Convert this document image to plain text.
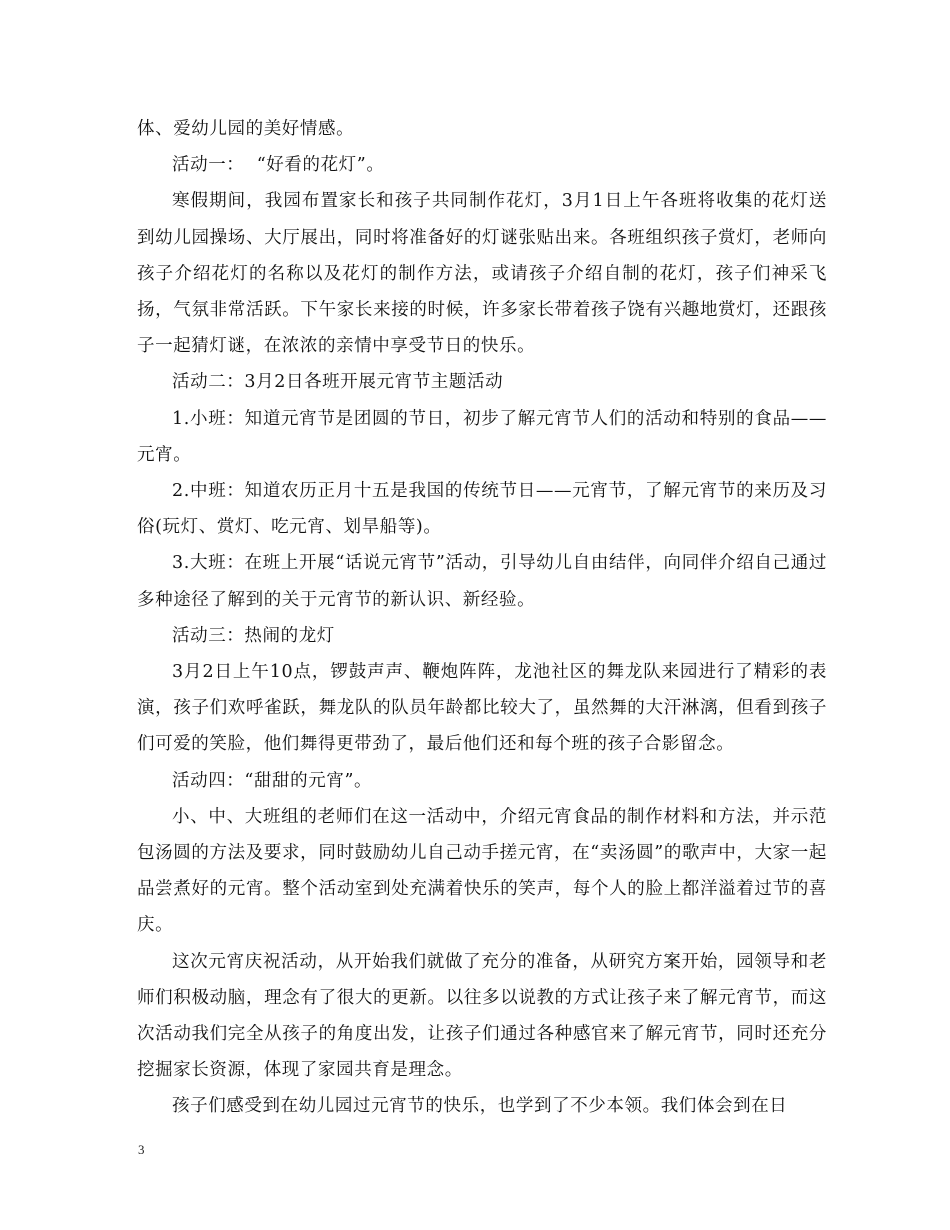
体、爱幼儿园的美好情感。

活动一：  “好看的花灯”。

寒假期间，我园布置家长和孩子共同制作花灯，3月1日上午各班将收集的花灯送到幼儿园操场、大厅展出，同时将准备好的灯谜张贴出来。各班组织孩子赏灯，老师向孩子介绍花灯的名称以及花灯的制作方法，或请孩子介绍自制的花灯，孩子们神采飞扬，气氛非常活跃。下午家长来接的时候，许多家长带着孩子饶有兴趣地赏灯，还跟孩子一起猜灯谜，在浓浓的亲情中享受节日的快乐。

活动二：3月2日各班开展元宵节主题活动

1.小班：知道元宵节是团圆的节日，初步了解元宵节人们的活动和特别的食品——元宵。

2.中班：知道农历正月十五是我国的传统节日——元宵节，了解元宵节的来历及习俗(玩灯、赏灯、吃元宵、划旱船等)。

3.大班：在班上开展“话说元宵节”活动，引导幼儿自由结伴，向同伴介绍自己通过多种途径了解到的关于元宵节的新认识、新经验。

活动三：热闹的龙灯

3月2日上午10点，锣鼓声声、鞭炮阵阵，龙池社区的舞龙队来园进行了精彩的表演，孩子们欢呼雀跃，舞龙队的队员年龄都比较大了，虽然舞的大汗淋漓，但看到孩子们可爱的笑脸，他们舞得更带劲了，最后他们还和每个班的孩子合影留念。

活动四：“甜甜的元宵”。

小、中、大班组的老师们在这一活动中，介绍元宵食品的制作材料和方法，并示范包汤圆的方法及要求，同时鼓励幼儿自己动手搓元宵，在“卖汤圆”的歌声中，大家一起品尝煮好的元宵。整个活动室到处充满着快乐的笑声，每个人的脸上都洋溢着过节的喜庆。

这次元宵庆祝活动，从开始我们就做了充分的准备，从研究方案开始，园领导和老师们积极动脑，理念有了很大的更新。以往多以说教的方式让孩子来了解元宵节，而这次活动我们完全从孩子的角度出发，让孩子们通过各种感官来了解元宵节，同时还充分挖掘家长资源，体现了家园共育是理念。

孩子们感受到在幼儿园过元宵节的快乐，也学到了不少本领。我们体会到在日

3
